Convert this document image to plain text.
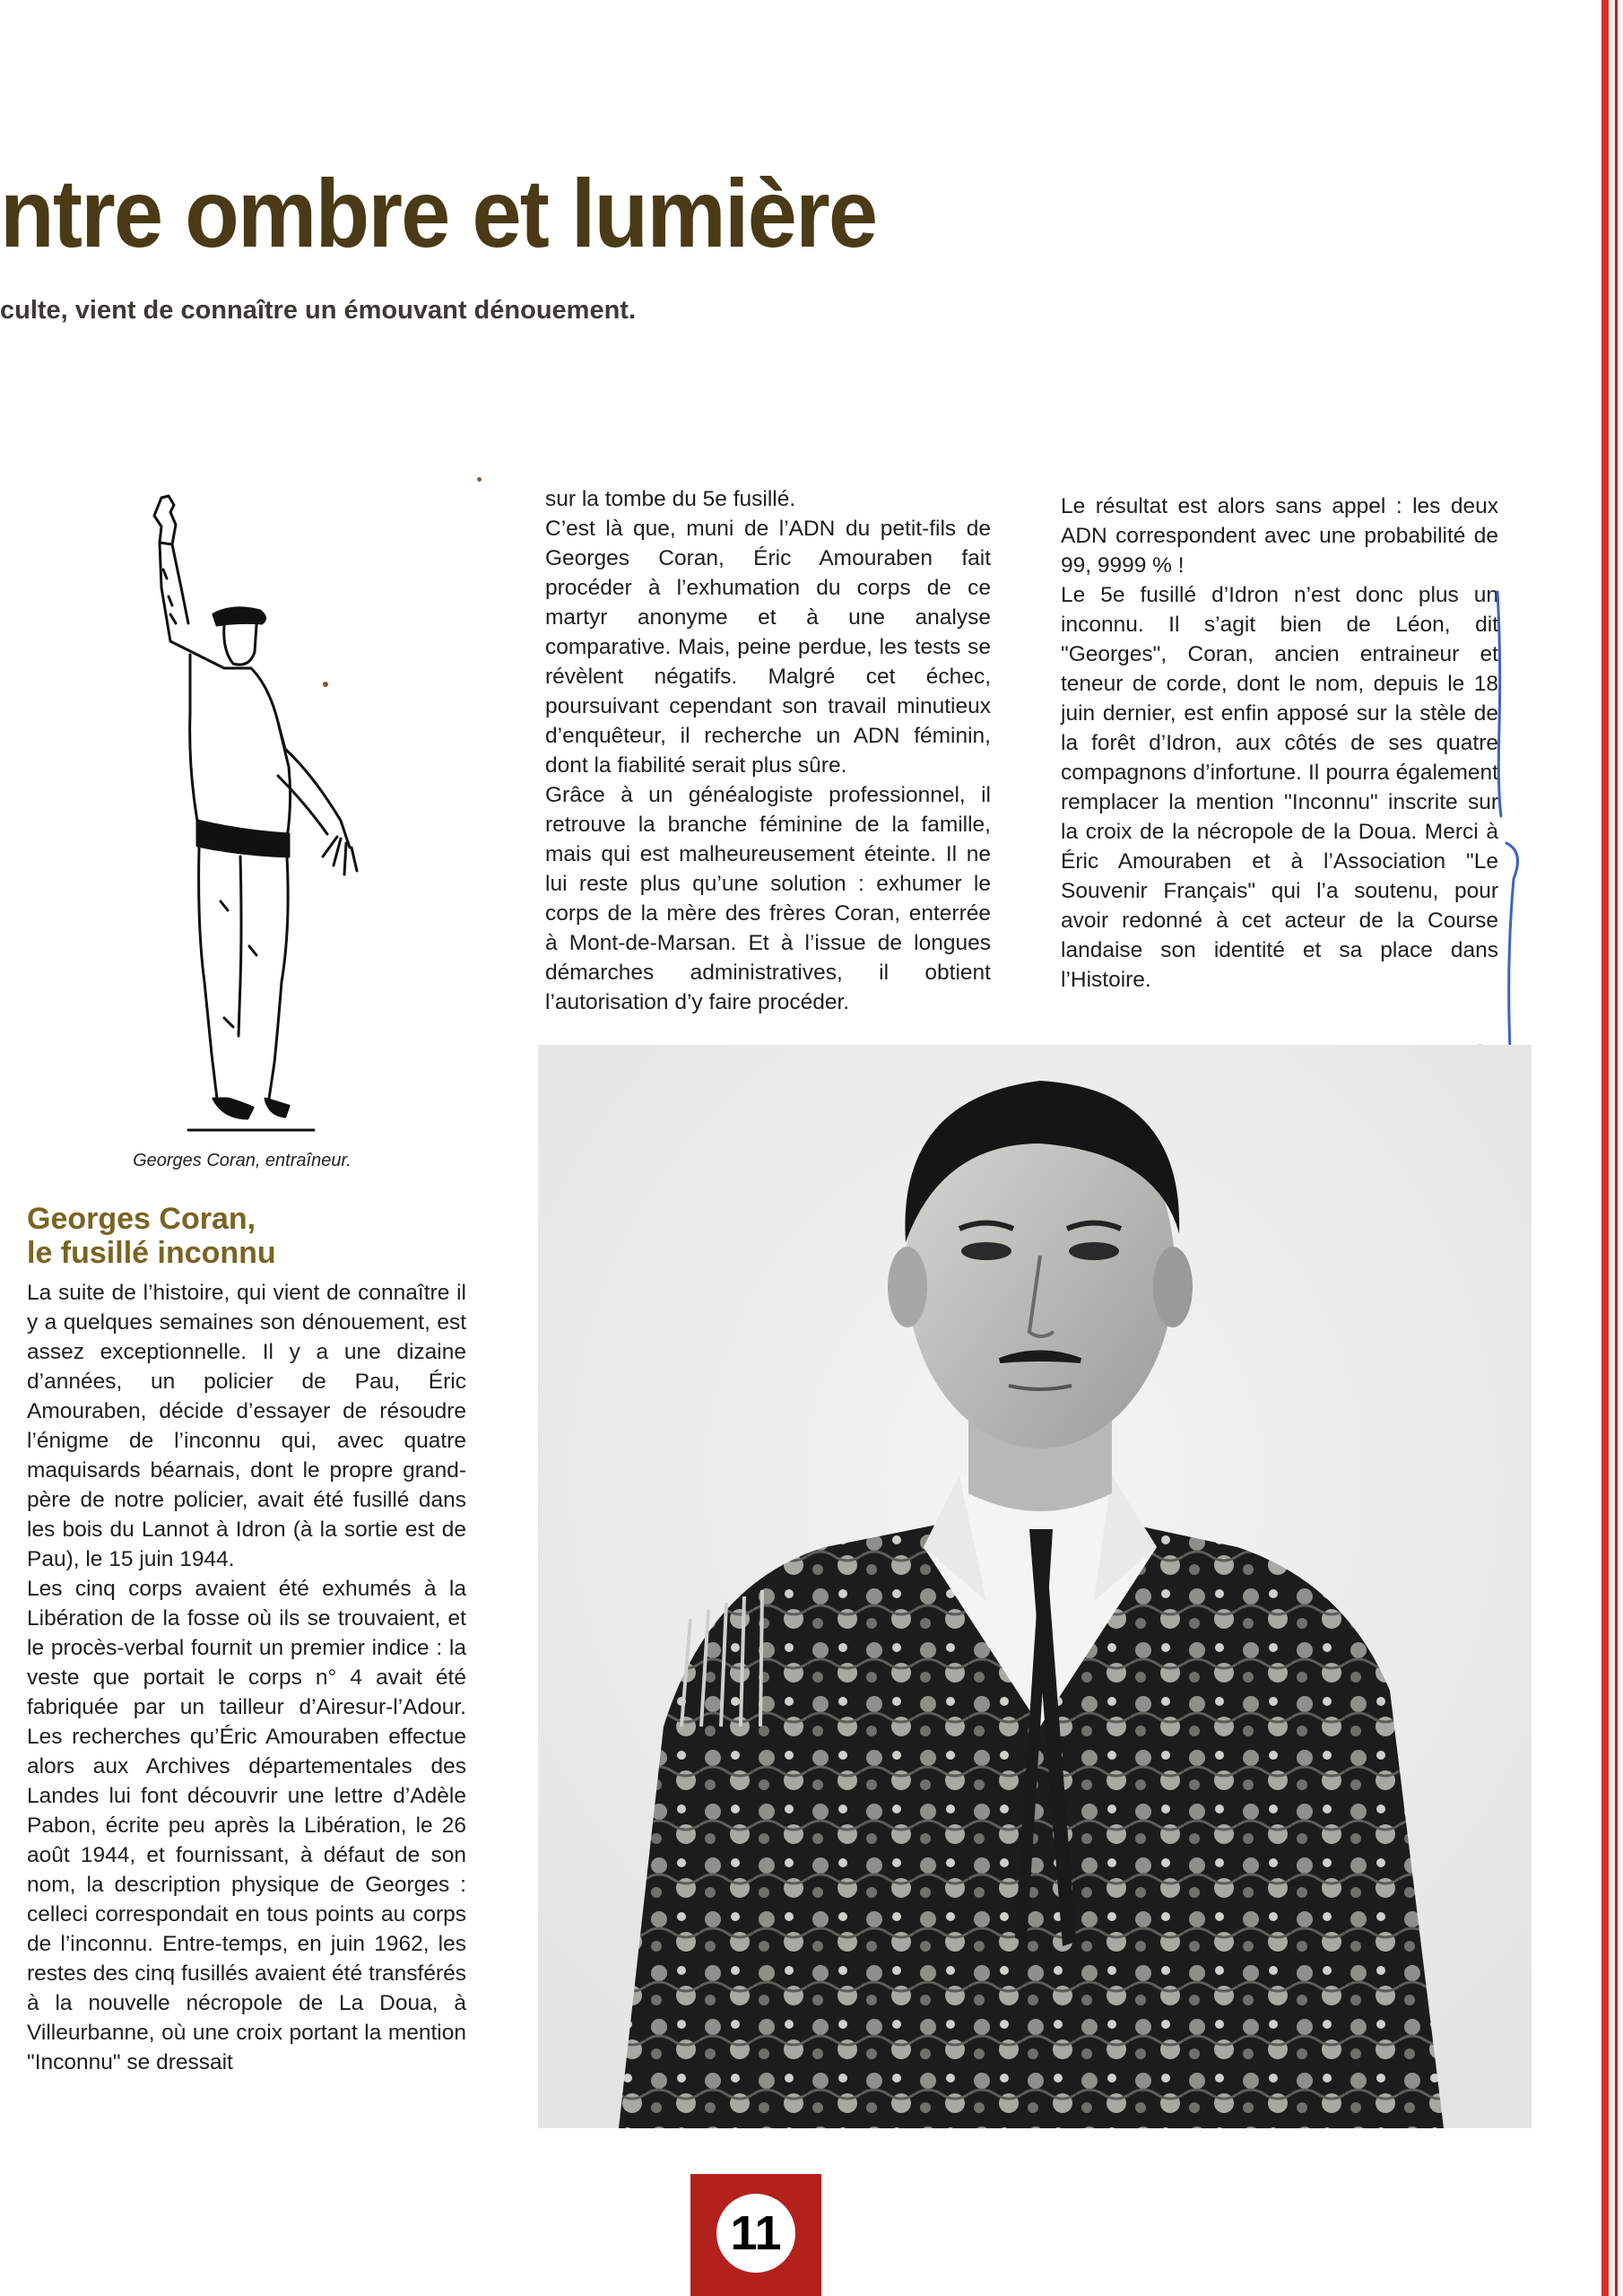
ntre ombre et lumière
culte, vient de connaître un émouvant dénouement.
Georges Coran, entraîneur.
Georges Coran,
le fusillé inconnu

La suite de l’histoire, qui vient de connaître il y a quelques semaines son dénouement, est assez exceptionnelle. Il y a une dizaine d’années, un policier de Pau, Éric Amouraben, décide d’essayer de résoudre l’énigme de l’inconnu qui, avec quatre maquisards béarnais, dont le propre grand-père de notre policier, avait été fusillé dans les bois du Lannot à Idron (à la sortie est de Pau), le 15 juin 1944.

Les cinq corps avaient été exhumés à la Libération de la fosse où ils se trouvaient, et le procès-verbal fournit un premier indice : la veste que portait le corps n° 4 avait été fabriquée par un tailleur d’Airesur-l’Adour. Les recherches qu’Éric Amouraben effectue alors aux Archives départementales des Landes lui font découvrir une lettre d’Adèle Pabon, écrite peu après la Libération, le 26 août 1944, et fournissant, à défaut de son nom, la description physique de Georges : celleci correspondait en tous points au corps de l’inconnu. Entre-temps, en juin 1962, les restes des cinq fusillés avaient été transférés à la nouvelle nécropole de La Doua, à Villeurbanne, où une croix portant la mention "Inconnu" se dressait

sur la tombe du 5e fusillé.

C’est là que, muni de l’ADN du petit-fils de Georges Coran, Éric Amouraben fait procéder à l’exhumation du corps de ce martyr anonyme et à une analyse comparative. Mais, peine perdue, les tests se révèlent négatifs. Malgré cet échec, poursuivant cependant son travail minutieux d’enquêteur, il recherche un ADN féminin, dont la fiabilité serait plus sûre.

Grâce à un généalogiste professionnel, il retrouve la branche féminine de la famille, mais qui est malheureusement éteinte. Il ne lui reste plus qu’une solution : exhumer le corps de la mère des frères Coran, enterrée à Mont-de-Marsan. Et à l’issue de longues démarches administratives, il obtient l’autorisation d’y faire procéder.

Le résultat est alors sans appel : les deux ADN correspondent avec une probabilité de 99, 9999 % !

Le 5e fusillé d’Idron n’est donc plus un inconnu. Il s’agit bien de Léon, dit "Georges", Coran, ancien entraineur et teneur de corde, dont le nom, depuis le 18 juin dernier, est enfin apposé sur la stèle de la forêt d’Idron, aux côtés de ses quatre compagnons d’infortune. Il pourra également remplacer la mention "Inconnu" inscrite sur la croix de la nécropole de la Doua. Merci à Éric Amouraben et à l’Association "Le Souvenir Français" qui l’a soutenu, pour avoir redonné à cet acteur de la Course landaise son identité et sa place dans l’Histoire.

11
